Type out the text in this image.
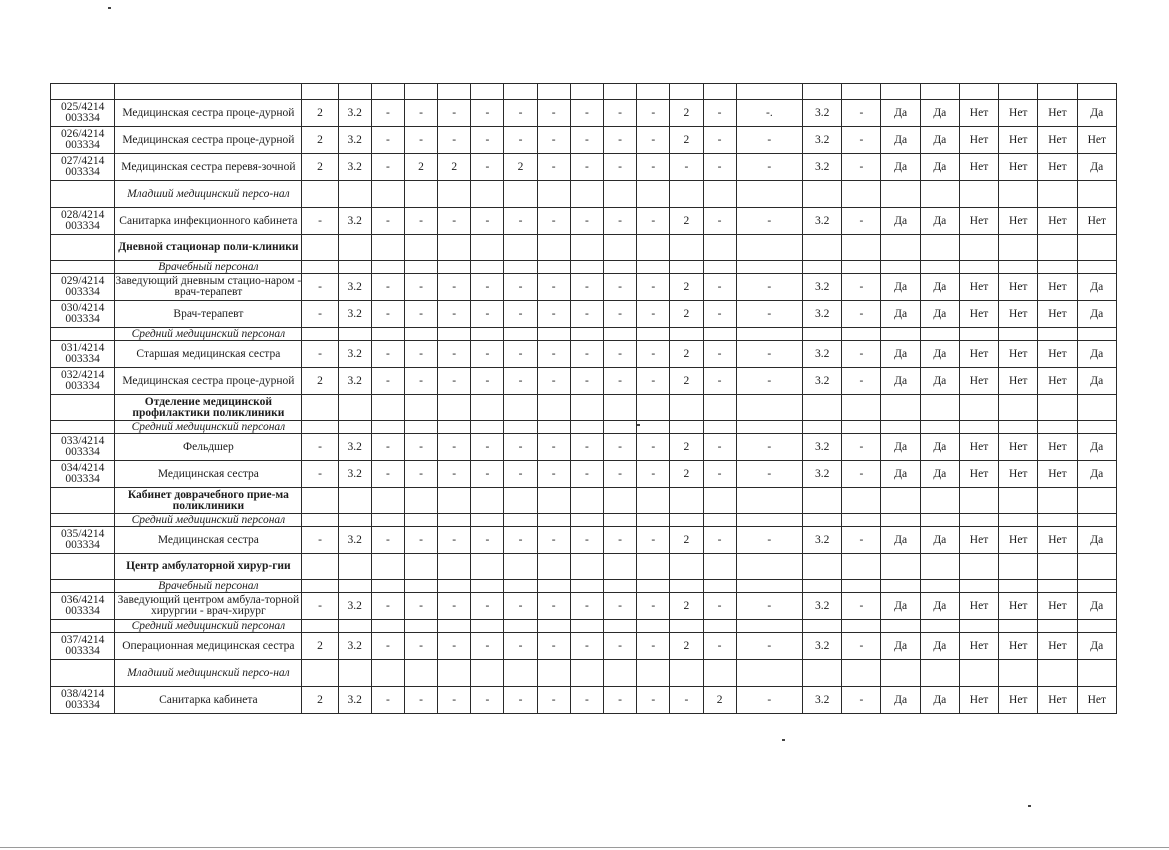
025/4214 003334	Медицинская сестра проце-дурной	2	3.2	-	-	-	-	-	-	-	-	-	2	-	-.	3.2	-	Да	Да	Нет	Нет	Нет	Да
026/4214 003334	Медицинская сестра проце-дурной	2	3.2	-	-	-	-	-	-	-	-	-	2	-	-	3.2	-	Да	Да	Нет	Нет	Нет	Нет
027/4214 003334	Медицинская сестра перевя-зочной	2	3.2	-	2	2	-	2	-	-	-	-	-	-	-	3.2	-	Да	Да	Нет	Нет	Нет	Да
	Младший медицинский персо-нал																						
028/4214 003334	Санитарка инфекционного кабинета	-	3.2	-	-	-	-	-	-	-	-	-	2	-	-	3.2	-	Да	Да	Нет	Нет	Нет	Нет
	Дневной стационар поли-клиники																						
	Врачебный персонал																						
029/4214 003334	Заведующий дневным стацио-наром - врач-терапевт	-	3.2	-	-	-	-	-	-	-	-	-	2	-	-	3.2	-	Да	Да	Нет	Нет	Нет	Да
030/4214 003334	Врач-терапевт	-	3.2	-	-	-	-	-	-	-	-	-	2	-	-	3.2	-	Да	Да	Нет	Нет	Нет	Да
	Средний медицинский персонал																						
031/4214 003334	Старшая медицинская сестра	-	3.2	-	-	-	-	-	-	-	-	-	2	-	-	3.2	-	Да	Да	Нет	Нет	Нет	Да
032/4214 003334	Медицинская сестра проце-дурной	2	3.2	-	-	-	-	-	-	-	-	-	2	-	-	3.2	-	Да	Да	Нет	Нет	Нет	Да
	Отделение медицинской профилактики поликлиники																						
	Средний медицинский персонал																						
033/4214 003334	Фельдшер	-	3.2	-	-	-	-	-	-	-	-	-	2	-	-	3.2	-	Да	Да	Нет	Нет	Нет	Да
034/4214 003334	Медицинская сестра	-	3.2	-	-	-	-	-	-	-	-	-	2	-	-	3.2	-	Да	Да	Нет	Нет	Нет	Да
	Кабинет доврачебного прие-ма поликлиники																						
	Средний медицинский персонал																						
035/4214 003334	Медицинская сестра	-	3.2	-	-	-	-	-	-	-	-	-	2	-	-	3.2	-	Да	Да	Нет	Нет	Нет	Да
	Центр амбулаторной хирур-гии																						
	Врачебный персонал																						
036/4214 003334	Заведующий центром амбула-торной хирургии - врач-хирург	-	3.2	-	-	-	-	-	-	-	-	-	2	-	-	3.2	-	Да	Да	Нет	Нет	Нет	Да
	Средний медицинский персонал																						
037/4214 003334	Операционная медицинская сестра	2	3.2	-	-	-	-	-	-	-	-	-	2	-	-	3.2	-	Да	Да	Нет	Нет	Нет	Да
	Младший медицинский персо-нал																						
038/4214 003334	Санитарка кабинета	2	3.2	-	-	-	-	-	-	-	-	-	-	2	-	3.2	-	Да	Да	Нет	Нет	Нет	Нет
